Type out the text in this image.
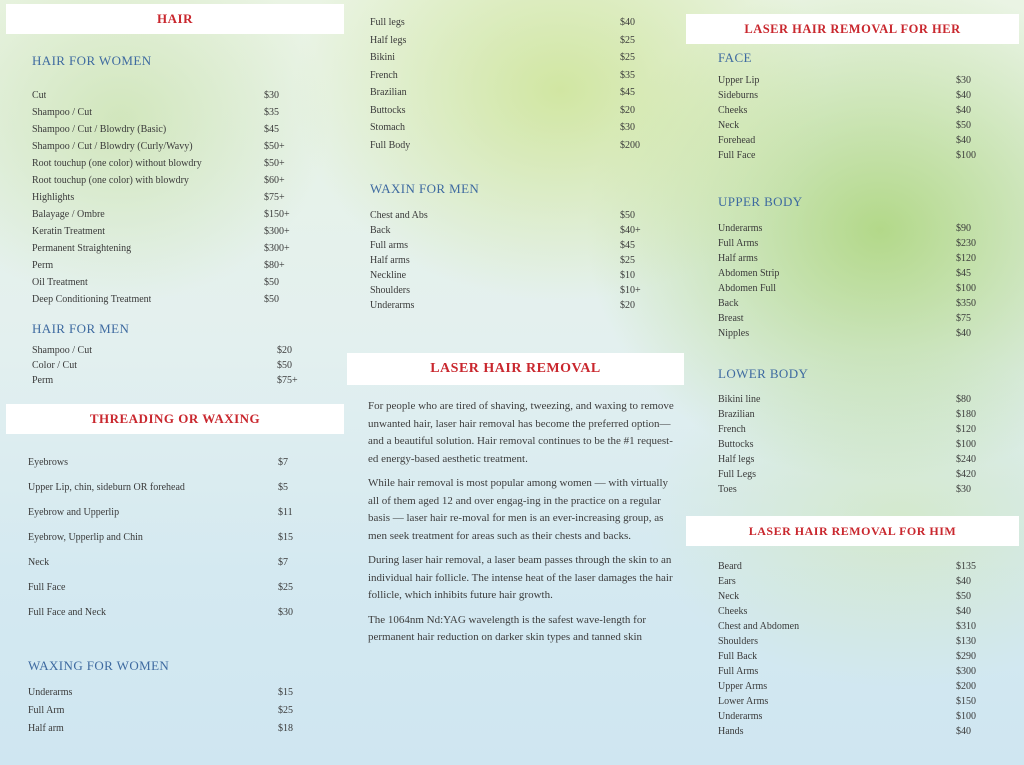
HAIR
HAIR FOR WOMEN
Cut	$30
Shampoo / Cut	$35
Shampoo / Cut / Blowdry (Basic)	$45
Shampoo / Cut / Blowdry (Curly/Wavy)	$50+
Root touchup (one color) without blowdry	$50+
Root touchup (one color) with blowdry	$60+
Highlights	$75+
Balayage / Ombre	$150+
Keratin Treatment	$300+
Permanent Straightening	$300+
Perm	$80+
Oil Treatment	$50
Deep Conditioning Treatment	$50
HAIR FOR MEN
Shampoo / Cut	$20
Color / Cut	$50
Perm	$75+
THREADING OR WAXING
Eyebrows	$7
Upper Lip, chin, sideburn OR forehead	$5
Eyebrow and Upperlip	$11
Eyebrow, Upperlip and Chin	$15
Neck	$7
Full Face	$25
Full Face and Neck	$30
WAXING FOR WOMEN
Underarms	$15
Full Arm	$25
Half arm	$18
Full legs	$40
Half legs	$25
Bikini	$25
French	$35
Brazilian	$45
Buttocks	$20
Stomach	$30
Full Body	$200
WAXIN FOR MEN
Chest and Abs	$50
Back	$40+
Full arms	$45
Half arms	$25
Neckline	$10
Shoulders	$10+
Underarms	$20
LASER HAIR REMOVAL

For people who are tired of shaving, tweezing, and waxing to remove unwanted hair, laser hair removal has become the preferred option—and a beautiful solution. Hair removal continues to be the #1 request-ed energy-based aesthetic treatment.

While hair removal is most popular among women — with virtually all of them aged 12 and over engag-ing in the practice on a regular basis — laser hair re-moval for men is an ever-increasing group, as men seek treatment for areas such as their chests and backs.

During laser hair removal, a laser beam passes through the skin to an individual hair follicle. The intense heat of the laser damages the hair follicle, which inhibits future hair growth.

The 1064nm Nd:YAG wavelength is the safest wave-length for permanent hair reduction on darker skin types and tanned skin

LASER HAIR REMOVAL FOR HER
FACE
Upper Lip	$30
Sideburns	$40
Cheeks	$40
Neck	$50
Forehead	$40
Full Face	$100
UPPER BODY
Underarms	$90
Full Arms	$230
Half arms	$120
Abdomen Strip	$45
Abdomen Full	$100
Back	$350
Breast	$75
Nipples	$40
LOWER BODY
Bikini line	$80
Brazilian	$180
French	$120
Buttocks	$100
Half legs	$240
Full Legs	$420
Toes	$30
LASER HAIR REMOVAL FOR HIM
Beard	$135
Ears	$40
Neck	$50
Cheeks	$40
Chest and Abdomen	$310
Shoulders	$130
Full Back	$290
Full Arms	$300
Upper Arms	$200
Lower Arms	$150
Underarms	$100
Hands	$40
